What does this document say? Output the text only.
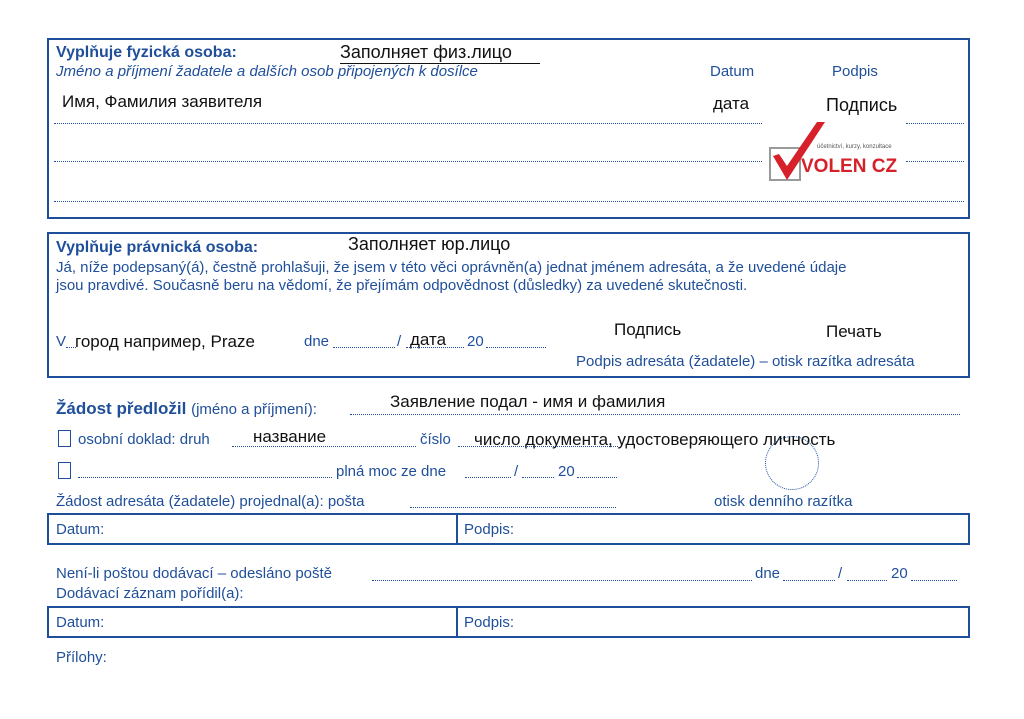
Vyplňuje fyzická osoba:
Jméno a příjmení žadatele a dalších osob připojených k dosílce	Datum	Podpis
Заполняет физ.лицо
Имя, Фамилия заявителя	дата	Подпись
účetnictví, kurzy, konzultace
VOLEN CZ
Vyplňuje právnická osoba:	Заполняет юр.лицо
Já, níže podepsaný(á), čestně prohlašuji, že jsem v této věci oprávněn(a) jednat jménem adresáta, a že uvedené údaje
jsou pravdivé. Současně beru na vědomí, že přejímám odpovědnost (důsledky) za uvedené skutečnosti.
V город например, Praze	dne	/ дата 20
Подпись	Печать
Podpis adresáta (žadatele) – otisk razítka adresáta
Žádost předložil (jméno a příjmení):	Заявление подал - имя и фамилия
osobní doklad: druh	название	číslo число документа, удостоверяющего личность
plná moc ze dne	/	20
Žádost adresáta (žadatele) projednal(a): pošta	otisk denního razítka
Datum:	Podpis:
Není-li poštou dodávací – odesláno poště	dne	/	20
Dodávací záznam pořídil(a):
Datum:	Podpis:
Přílohy:
